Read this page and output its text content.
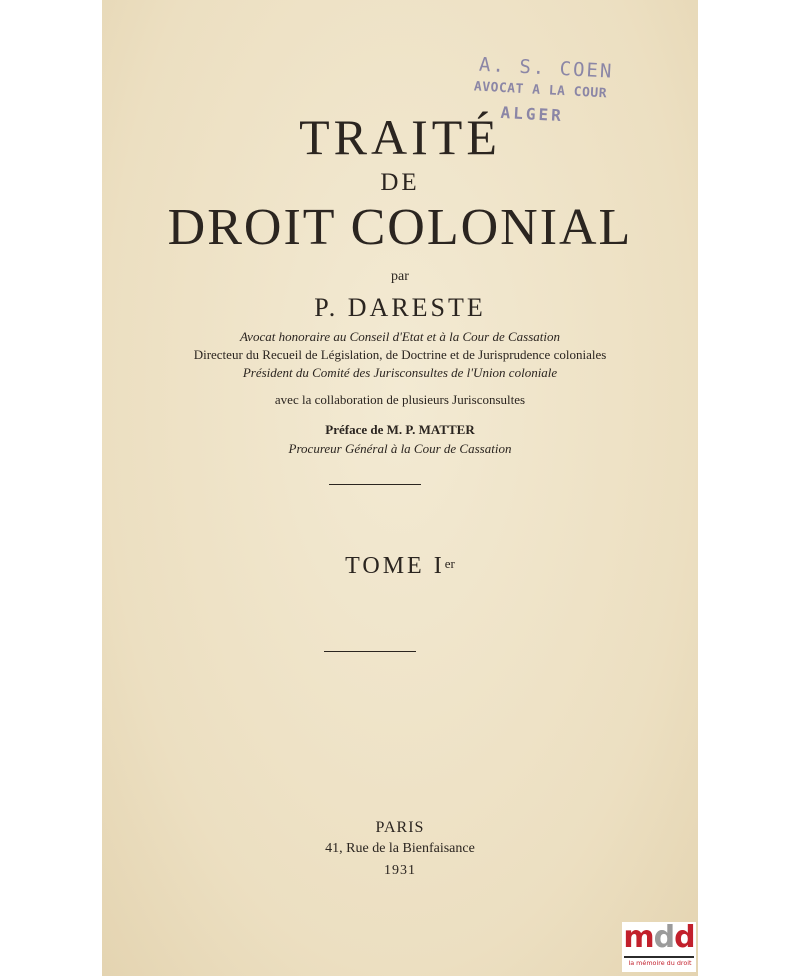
A. S. COEN
AVOCAT A LA COUR
ALGER
TRAITÉ
DE
DROIT COLONIAL
par
P. DARESTE
Avocat honoraire au Conseil d'Etat et à la Cour de Cassation
Directeur du Recueil de Législation, de Doctrine et de Jurisprudence coloniales
Président du Comité des Jurisconsultes de l'Union coloniale
avec la collaboration de plusieurs Jurisconsultes
Préface de M. P. MATTER
Procureur Général à la Cour de Cassation
TOME Ier
PARIS
41, Rue de la Bienfaisance
1931
mdd
la mémoire du droit
